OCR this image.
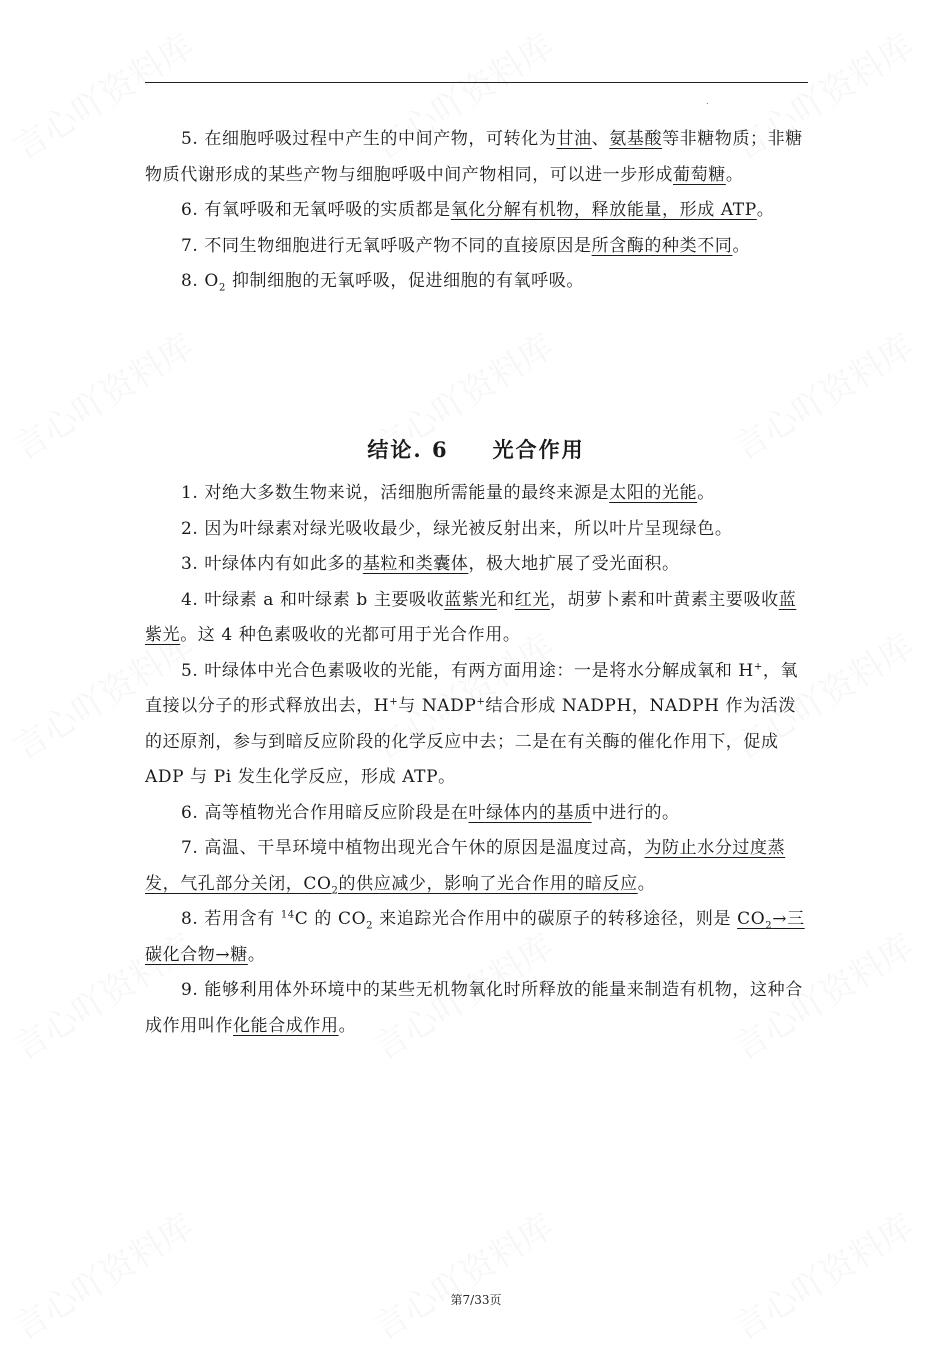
.

5. 在细胞呼吸过程中产生的中间产物，可转化为甘油、氨基酸等非糖物质；非糖物质代谢形成的某些产物与细胞呼吸中间产物相同，可以进一步形成葡萄糖。

6. 有氧呼吸和无氧呼吸的实质都是氧化分解有机物，释放能量，形成 ATP。

7. 不同生物细胞进行无氧呼吸产物不同的直接原因是所含酶的种类不同。

8. $O_2$ 抑制细胞的无氧呼吸，促进细胞的有氧呼吸。

结论. 6 光合作用

1. 对绝大多数生物来说，活细胞所需能量的最终来源是太阳的光能。

2. 因为叶绿素对绿光吸收最少，绿光被反射出来，所以叶片呈现绿色。

3. 叶绿体内有如此多的基粒和类囊体，极大地扩展了受光面积。

4. 叶绿素 a 和叶绿素 b 主要吸收蓝紫光和红光，胡萝卜素和叶黄素主要吸收蓝紫光。这 4 种色素吸收的光都可用于光合作用。

5. 叶绿体中光合色素吸收的光能，有两方面用途：一是将水分解成氧和 H+，氧直接以分子的形式释放出去，H+与 NADP+结合形成 NADPH，NADPH 作为活泼的还原剂，参与到暗反应阶段的化学反应中去；二是在有关酶的催化作用下，促成 ADP 与 Pi 发生化学反应，形成 ATP。

6. 高等植物光合作用暗反应阶段是在叶绿体内的基质中进行的。

7. 高温、干旱环境中植物出现光合午休的原因是温度过高，为防止水分过度蒸发，气孔部分关闭，$CO_2$的供应减少，影响了光合作用的暗反应。

8. 若用含有 $^{14}$C 的 $CO_2$ 来追踪光合作用中的碳原子的转移途径，则是 $CO_2\to$三碳化合物→糖。

9. 能够利用体外环境中的某些无机物氧化时所释放的能量来制造有机物，这种合成作用叫作化能合成作用。

第7/33页
